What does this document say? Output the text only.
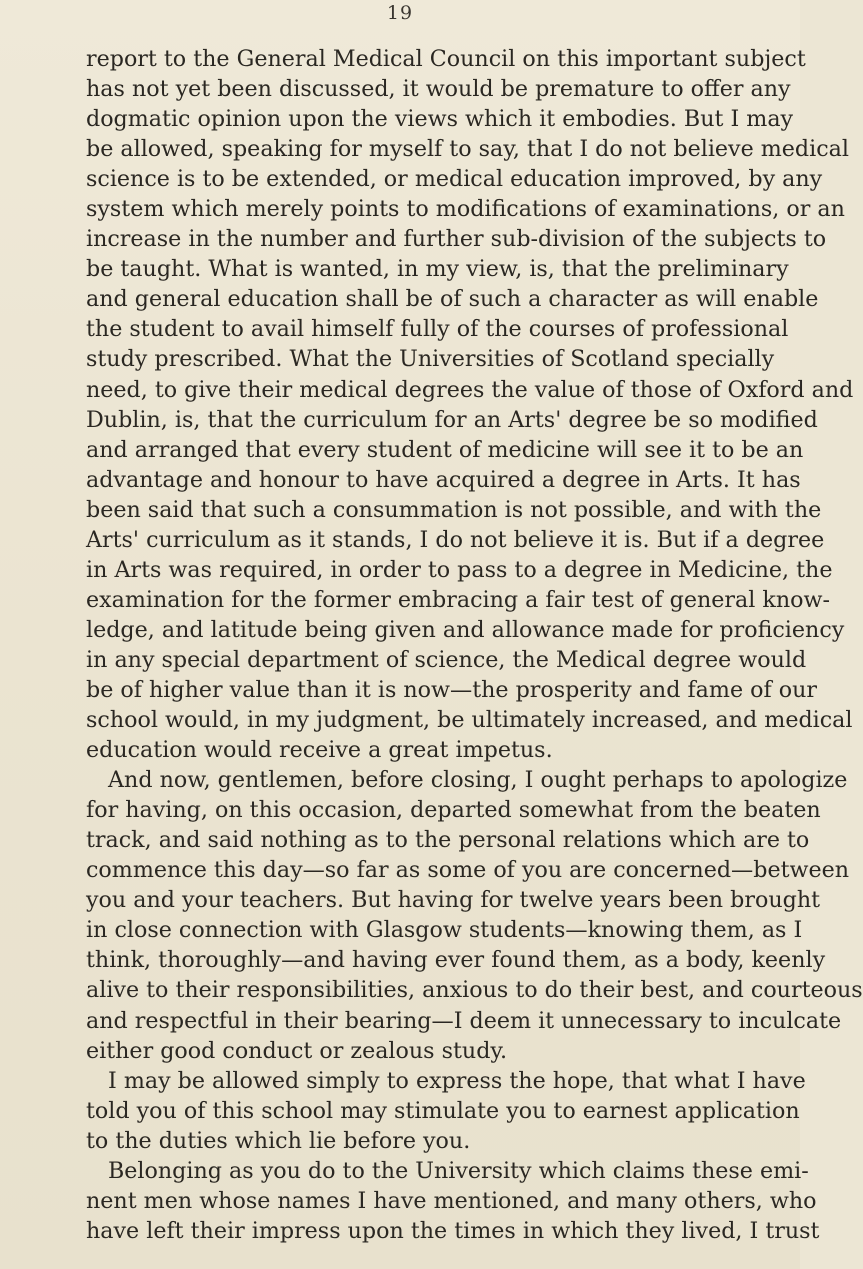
19
report to the General Medical Council on this important subject
has not yet been discussed, it would be premature to offer any
dogmatic opinion upon the views which it embodies. But I may
be allowed, speaking for myself to say, that I do not believe medical
science is to be extended, or medical education improved, by any
system which merely points to modifications of examinations, or an
increase in the number and further sub-division of the subjects to
be taught. What is wanted, in my view, is, that the preliminary
and general education shall be of such a character as will enable
the student to avail himself fully of the courses of professional
study prescribed. What the Universities of Scotland specially
need, to give their medical degrees the value of those of Oxford and
Dublin, is, that the curriculum for an Arts' degree be so modified
and arranged that every student of medicine will see it to be an
advantage and honour to have acquired a degree in Arts. It has
been said that such a consummation is not possible, and with the
Arts' curriculum as it stands, I do not believe it is. But if a degree
in Arts was required, in order to pass to a degree in Medicine, the
examination for the former embracing a fair test of general know-
ledge, and latitude being given and allowance made for proficiency
in any special department of science, the Medical degree would
be of higher value than it is now—the prosperity and fame of our
school would, in my judgment, be ultimately increased, and medical
education would receive a great impetus.
And now, gentlemen, before closing, I ought perhaps to apologize
for having, on this occasion, departed somewhat from the beaten
track, and said nothing as to the personal relations which are to
commence this day—so far as some of you are concerned—between
you and your teachers. But having for twelve years been brought
in close connection with Glasgow students—knowing them, as I
think, thoroughly—and having ever found them, as a body, keenly
alive to their responsibilities, anxious to do their best, and courteous
and respectful in their bearing—I deem it unnecessary to inculcate
either good conduct or zealous study.
I may be allowed simply to express the hope, that what I have
told you of this school may stimulate you to earnest application
to the duties which lie before you.
Belonging as you do to the University which claims these emi-
nent men whose names I have mentioned, and many others, who
have left their impress upon the times in which they lived, I trust
